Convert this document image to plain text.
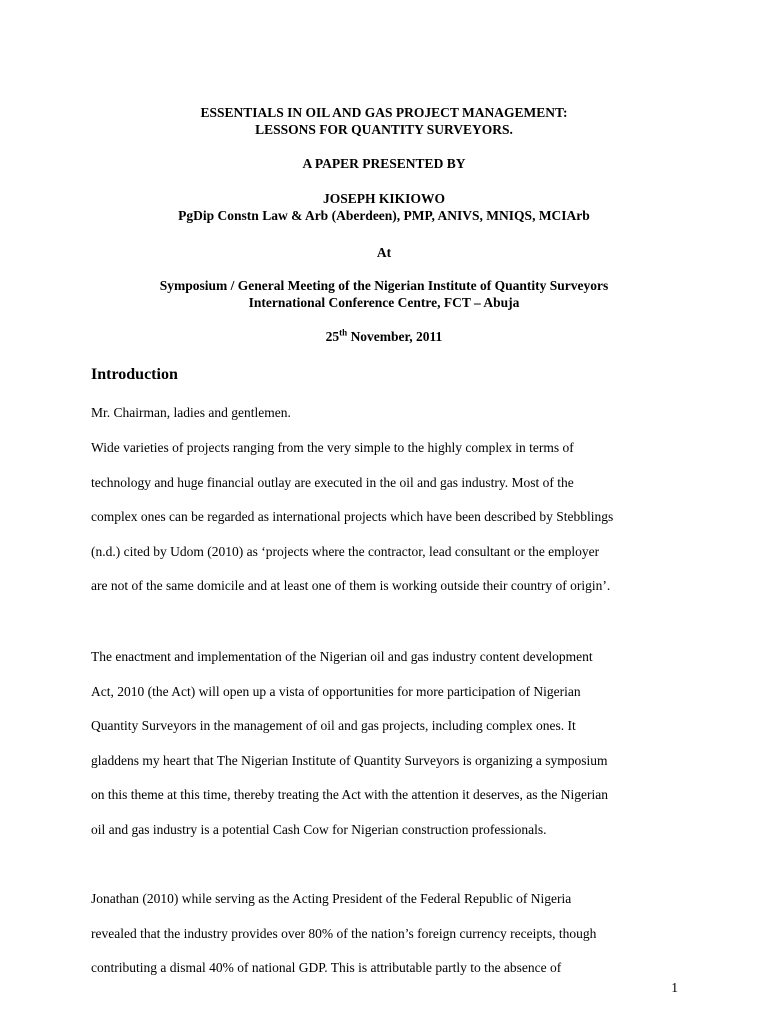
ESSENTIALS IN OIL AND GAS PROJECT MANAGEMENT:
LESSONS FOR QUANTITY SURVEYORS.
A PAPER PRESENTED BY
JOSEPH KIKIOWO
PgDip Constn Law & Arb (Aberdeen), PMP, ANIVS, MNIQS, MCIArb
At
Symposium / General Meeting of the Nigerian Institute of Quantity Surveyors
International Conference Centre, FCT – Abuja
25th November, 2011
Introduction
Mr. Chairman, ladies and gentlemen.
Wide varieties of projects ranging from the very simple to the highly complex in terms of
technology and huge financial outlay are executed in the oil and gas industry. Most of the
complex ones can be regarded as international projects which have been described by Stebblings
(n.d.) cited by Udom (2010) as ‘projects where the contractor, lead consultant or the employer
are not of the same domicile and at least one of them is working outside their country of origin’.
The enactment and implementation of the Nigerian oil and gas industry content development
Act, 2010 (the Act) will open up a vista of opportunities for more participation of Nigerian
Quantity Surveyors in the management of oil and gas projects, including complex ones. It
gladdens my heart that The Nigerian Institute of Quantity Surveyors is organizing a symposium
on this theme at this time, thereby treating the Act with the attention it deserves, as the Nigerian
oil and gas industry is a potential Cash Cow for Nigerian construction professionals.
Jonathan (2010) while serving as the Acting President of the Federal Republic of Nigeria
revealed that the industry provides over 80% of the nation’s foreign currency receipts, though
contributing a dismal 40% of national GDP. This is attributable partly to the absence of
1
